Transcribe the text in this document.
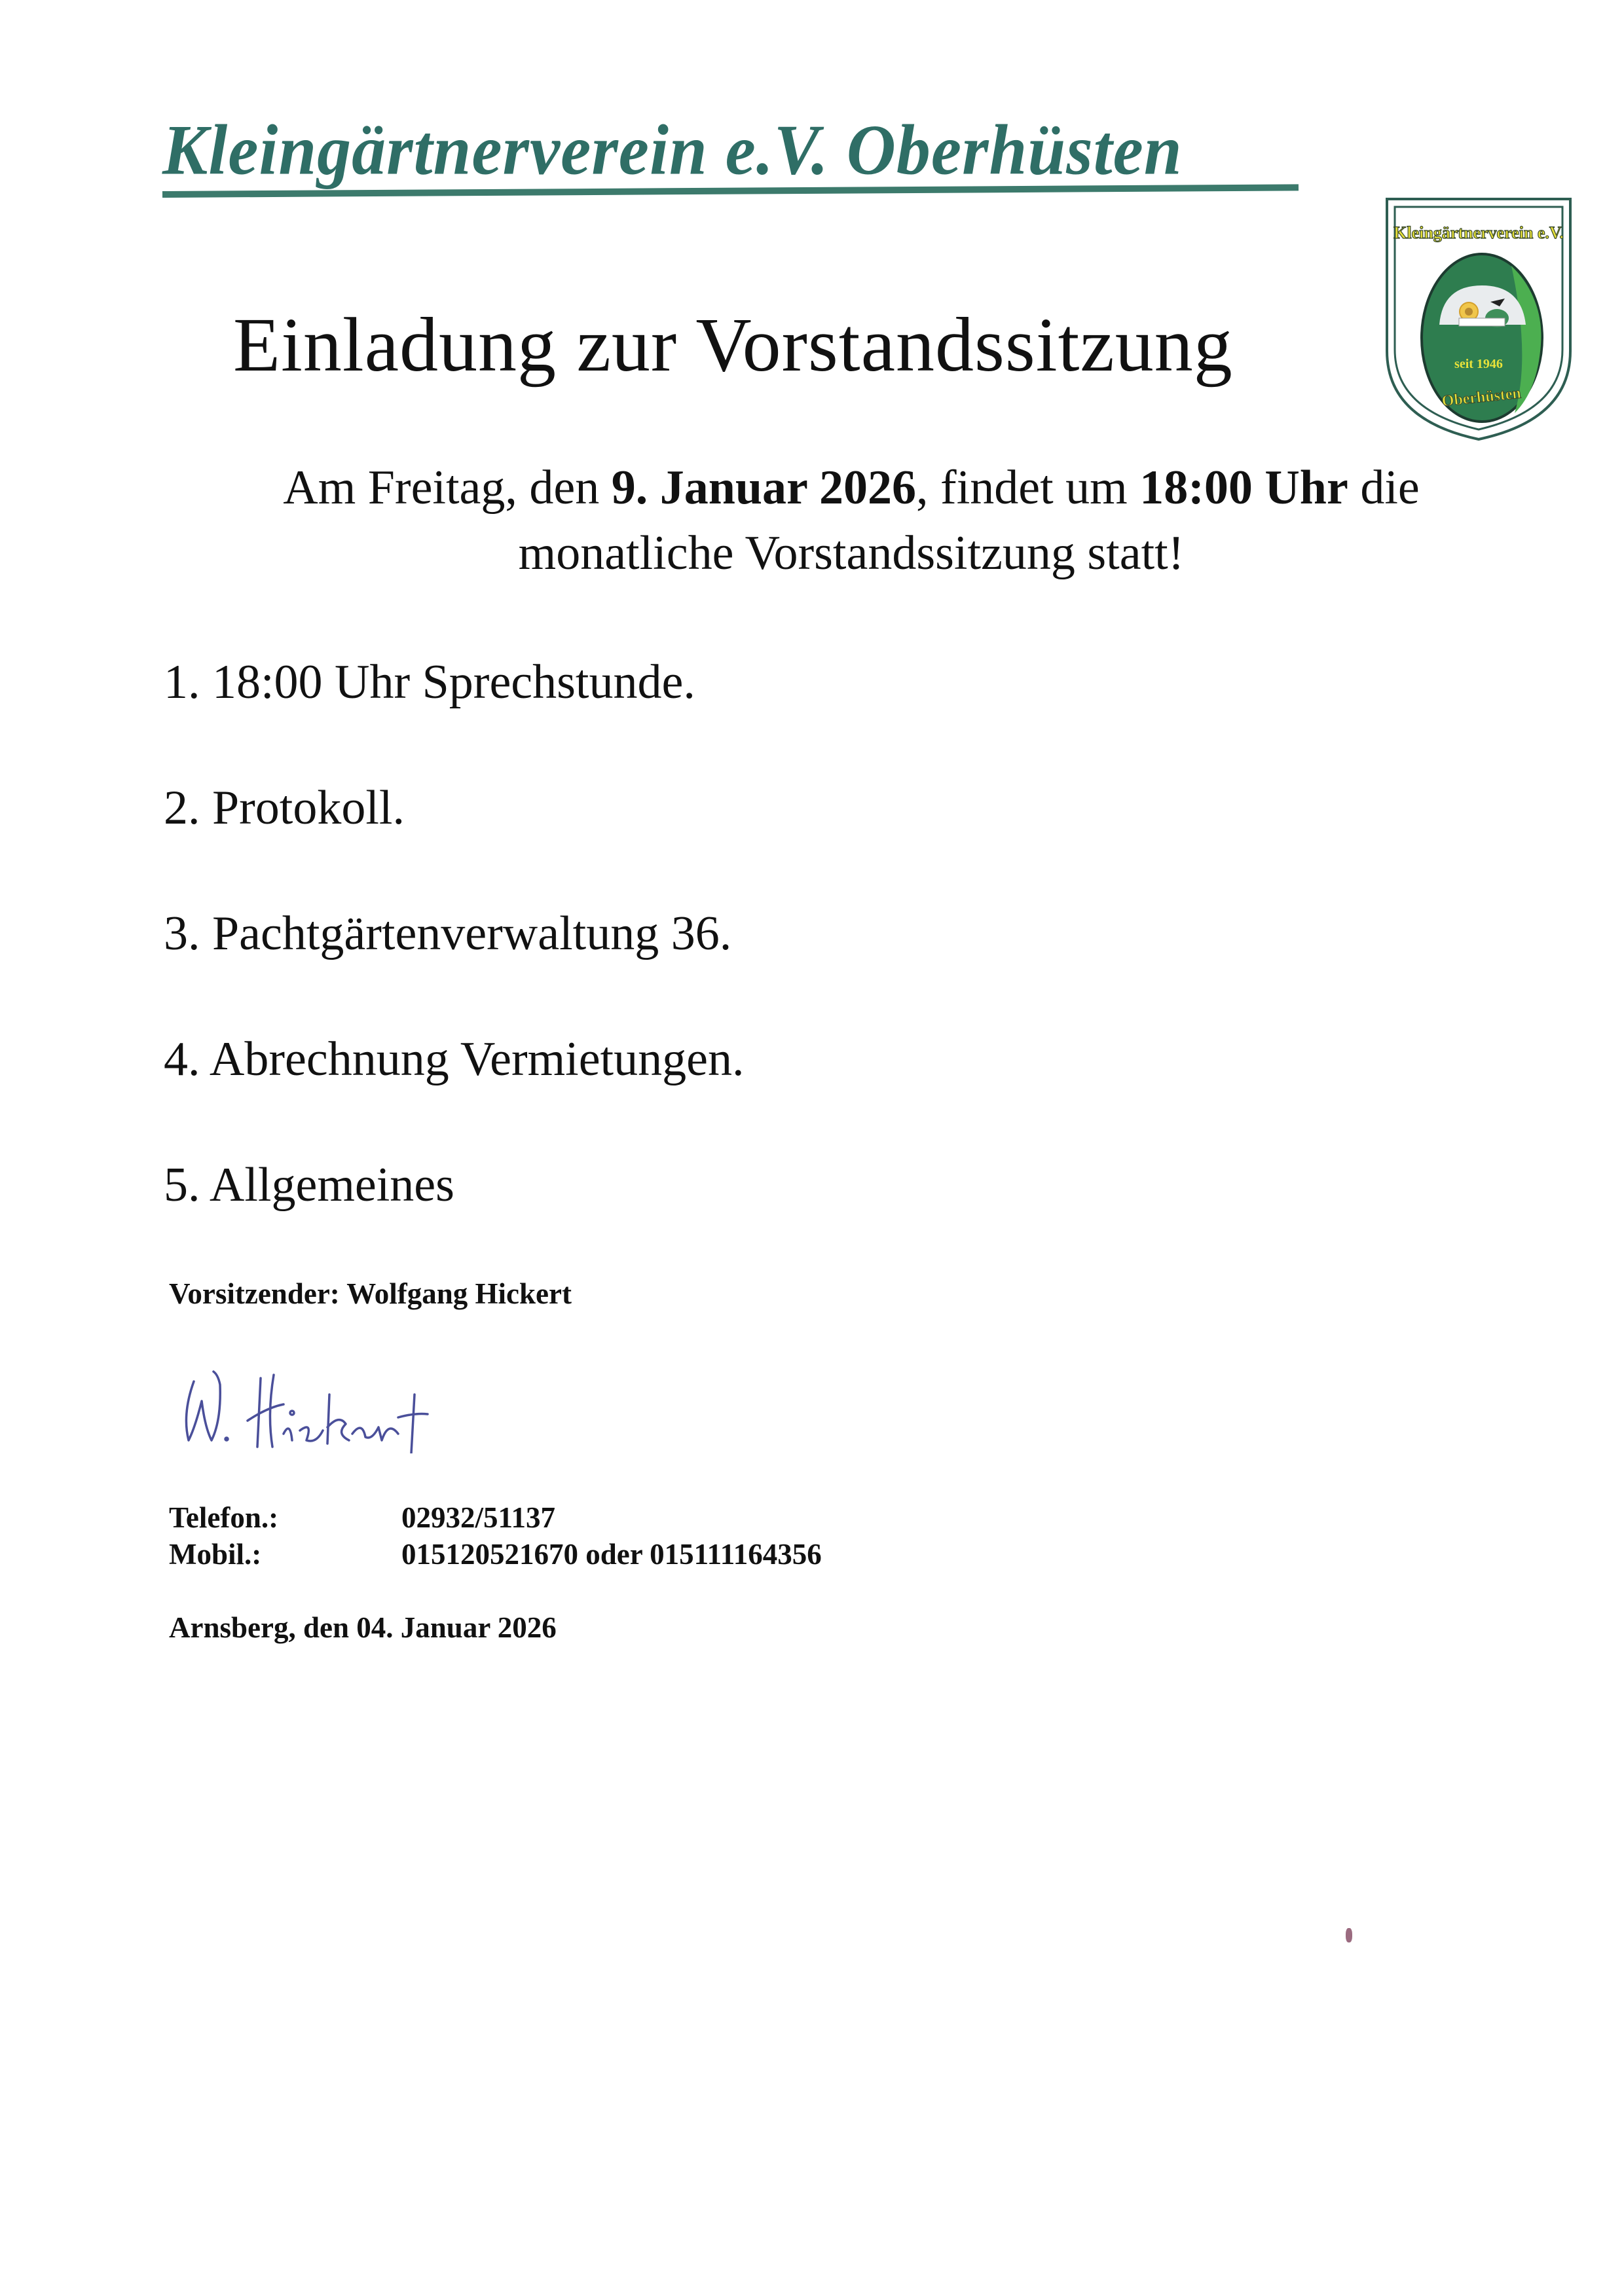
Kleingärtnerverein e.V. Oberhüsten
Kleingärtnerverein e.V.
seit 1946
Oberhüsten
Einladung zur Vorstandssitzung
Am Freitag, den 9. Januar 2026, findet um 18:00 Uhr die
monatliche Vorstandssitzung statt!
1. 18:00 Uhr Sprechstunde.
2. Protokoll.
3. Pachtgärtenverwaltung 36.
4. Abrechnung Vermietungen.
5. Allgemeines
Vorsitzender: Wolfgang Hickert
Telefon.:	02932/51137
Mobil.:	015120521670 oder 015111164356
Arnsberg, den 04. Januar 2026
